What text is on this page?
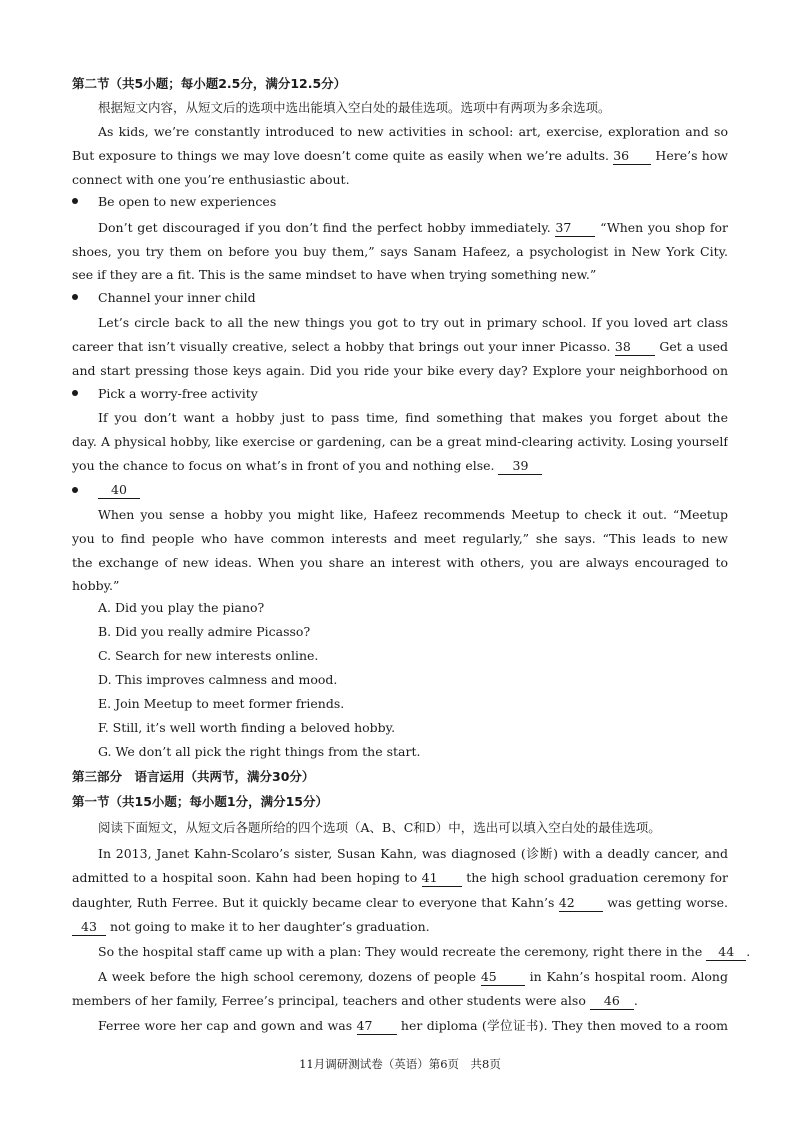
第二节（共5小题；每小题2.5分，满分12.5分）
根据短文内容，从短文后的选项中选出能填入空白处的最佳选项。选项中有两项为多余选项。
As kids, we’re constantly introduced to new activities in school: art, exercise, exploration and so
But exposure to things we may love doesn’t come quite as easily when we’re adults. 36 Here’s how
connect with one you’re enthusiastic about.
Be open to new experiences
Don’t get discouraged if you don’t find the perfect hobby immediately. 37 “When you shop for
shoes, you try them on before you buy them,” says Sanam Hafeez, a psychologist in New York City.
see if they are a fit. This is the same mindset to have when trying something new.”
Channel your inner child
Let’s circle back to all the new things you got to try out in primary school. If you loved art class
career that isn’t visually creative, select a hobby that brings out your inner Picasso. 38 Get a used
and start pressing those keys again. Did you ride your bike every day? Explore your neighborhood on
Pick a worry-free activity
If you don’t want a hobby just to pass time, find something that makes you forget about the
day. A physical hobby, like exercise or gardening, can be a great mind-clearing activity. Losing yourself
you the chance to focus on what’s in front of you and nothing else. 39
40
When you sense a hobby you might like, Hafeez recommends Meetup to check it out. “Meetup
you to find people who have common interests and meet regularly,” she says. “This leads to new
the exchange of new ideas. When you share an interest with others, you are always encouraged to
hobby.”
A. Did you play the piano?
B. Did you really admire Picasso?
C. Search for new interests online.
D. This improves calmness and mood.
E. Join Meetup to meet former friends.
F. Still, it’s well worth finding a beloved hobby.
G. We don’t all pick the right things from the start.
第三部分　语言运用（共两节，满分30分）
第一节（共15小题；每小题1分，满分15分）
阅读下面短文，从短文后各题所给的四个选项（A、B、C和D）中，选出可以填入空白处的最佳选项。
In 2013, Janet Kahn-Scolaro’s sister, Susan Kahn, was diagnosed (诊断) with a deadly cancer, and
admitted to a hospital soon. Kahn had been hoping to 41 the high school graduation ceremony for
daughter, Ruth Ferree. But it quickly became clear to everyone that Kahn’s 42	was getting worse.
43 not going to make it to her daughter’s graduation.
So the hospital staff came up with a plan: They would recreate the ceremony, right there in the 44 .
A week before the high school ceremony, dozens of people 45	in Kahn’s hospital room. Along
members of her family, Ferree’s principal, teachers and other students were also 46 .
Ferree wore her cap and gown and was 47 her diploma (学位证书). They then moved to a room
11月调研测试卷（英语）第6页　共8页
